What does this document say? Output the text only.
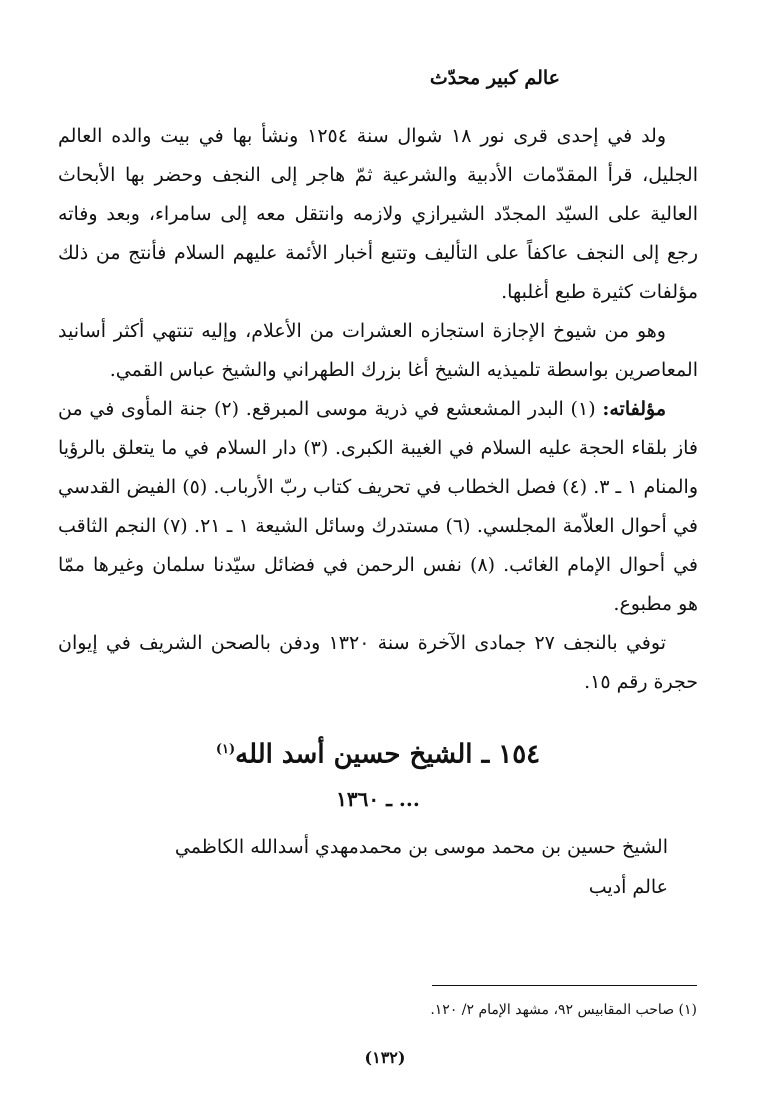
عالم كبير محدّث

ولد في إحدى قرى نور ١٨ شوال سنة ١٢٥٤ ونشأ بها في بيت والده العالم الجليل، قرأ المقدّمات الأدبية والشرعية ثمّ هاجر إلى النجف وحضر بها الأبحاث العالية على السيّد المجدّد الشيرازي ولازمه وانتقل معه إلى سامراء، وبعد وفاته رجع إلى النجف عاكفاً على التأليف وتتبع أخبار الأئمة عليهم السلام فأنتج من ذلك مؤلفات كثيرة طبع أغلبها.

وهو من شيوخ الإجازة استجازه العشرات من الأعلام، وإليه تنتهي أكثر أسانيد المعاصرين بواسطة تلميذيه الشيخ أغا بزرك الطهراني والشيخ عباس القمي.

مؤلفاته: (١) البدر المشعشع في ذرية موسى المبرقع. (٢) جنة المأوى في من فاز بلقاء الحجة عليه السلام في الغيبة الكبرى. (٣) دار السلام في ما يتعلق بالرؤيا والمنام ١ ـ ٣. (٤) فصل الخطاب في تحريف كتاب ربّ الأرباب. (٥) الفيض القدسي في أحوال العلاّمة المجلسي. (٦) مستدرك وسائل الشيعة ١ ـ ٢١. (٧) النجم الثاقب في أحوال الإمام الغائب. (٨) نفس الرحمن في فضائل سيّدنا سلمان وغيرها ممّا هو مطبوع.

توفي بالنجف ٢٧ جمادى الآخرة سنة ١٣٢٠ ودفن بالصحن الشريف في إيوان حجرة رقم ١٥.

١٥٤ ـ الشيخ حسين أسد الله$^{(١)}$

... ـ ١٣٦٠

الشيخ حسين بن محمد موسى بن محمدمهدي أسدالله الكاظمي

عالم أديب

(١) صاحب المقابيس ٩٢، مشهد الإمام ٢/ ١٢٠.
(١٣٢)
